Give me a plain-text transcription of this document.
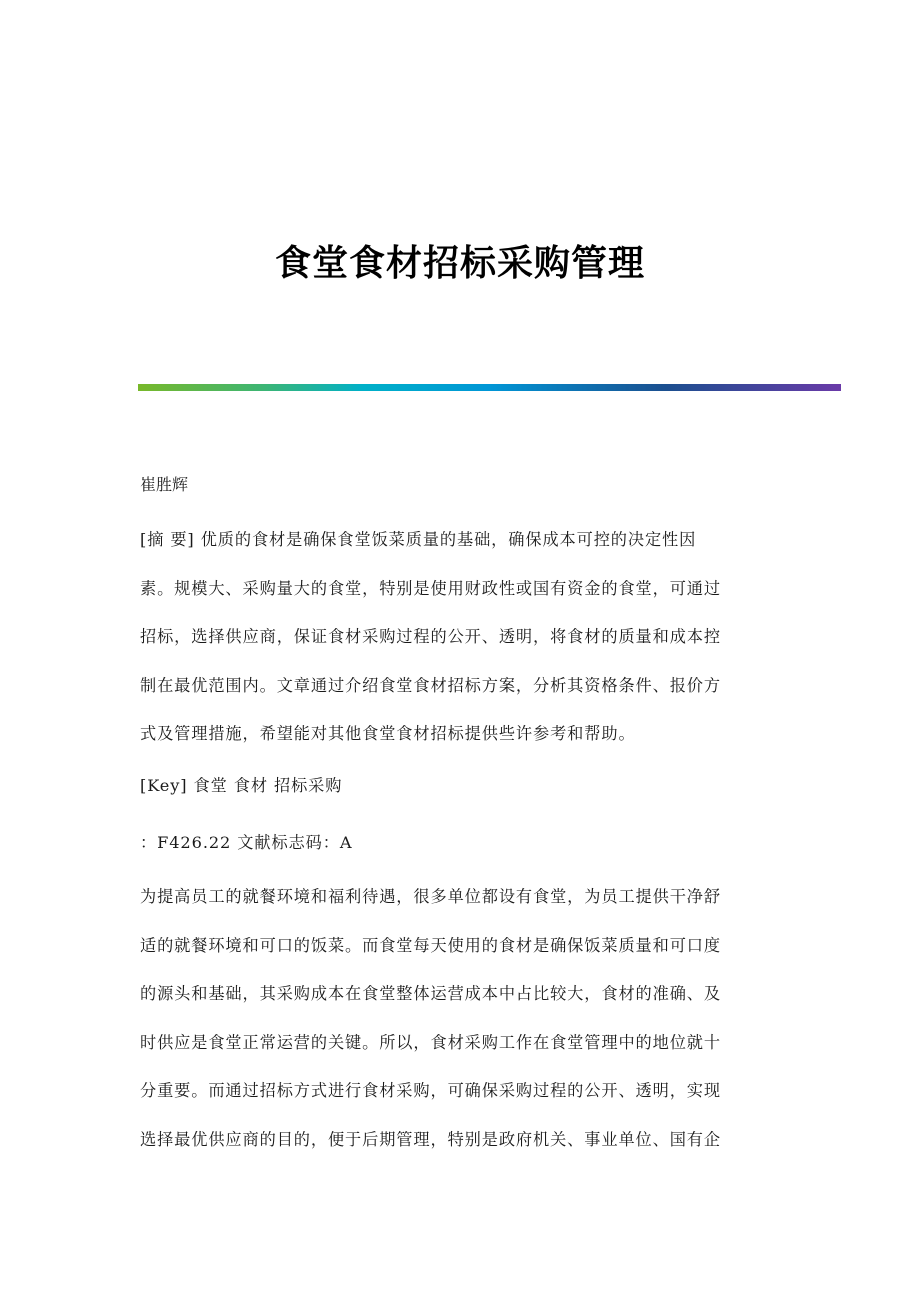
食堂食材招标采购管理
崔胜辉
[摘 要] 优质的食材是确保食堂饭菜质量的基础，确保成本可控的决定性因
素。规模大、采购量大的食堂，特别是使用财政性或国有资金的食堂，可通过
招标，选择供应商，保证食材采购过程的公开、透明，将食材的质量和成本控
制在最优范围内。文章通过介绍食堂食材招标方案，分析其资格条件、报价方
式及管理措施，希望能对其他食堂食材招标提供些许参考和帮助。
[Key] 食堂 食材 招标采购
：F426.22 文献标志码：A
为提高员工的就餐环境和福利待遇，很多单位都设有食堂，为员工提供干净舒
适的就餐环境和可口的饭菜。而食堂每天使用的食材是确保饭菜质量和可口度
的源头和基础，其采购成本在食堂整体运营成本中占比较大，食材的准确、及
时供应是食堂正常运营的关键。所以，食材采购工作在食堂管理中的地位就十
分重要。而通过招标方式进行食材采购，可确保采购过程的公开、透明，实现
选择最优供应商的目的，便于后期管理，特别是政府机关、事业单位、国有企
